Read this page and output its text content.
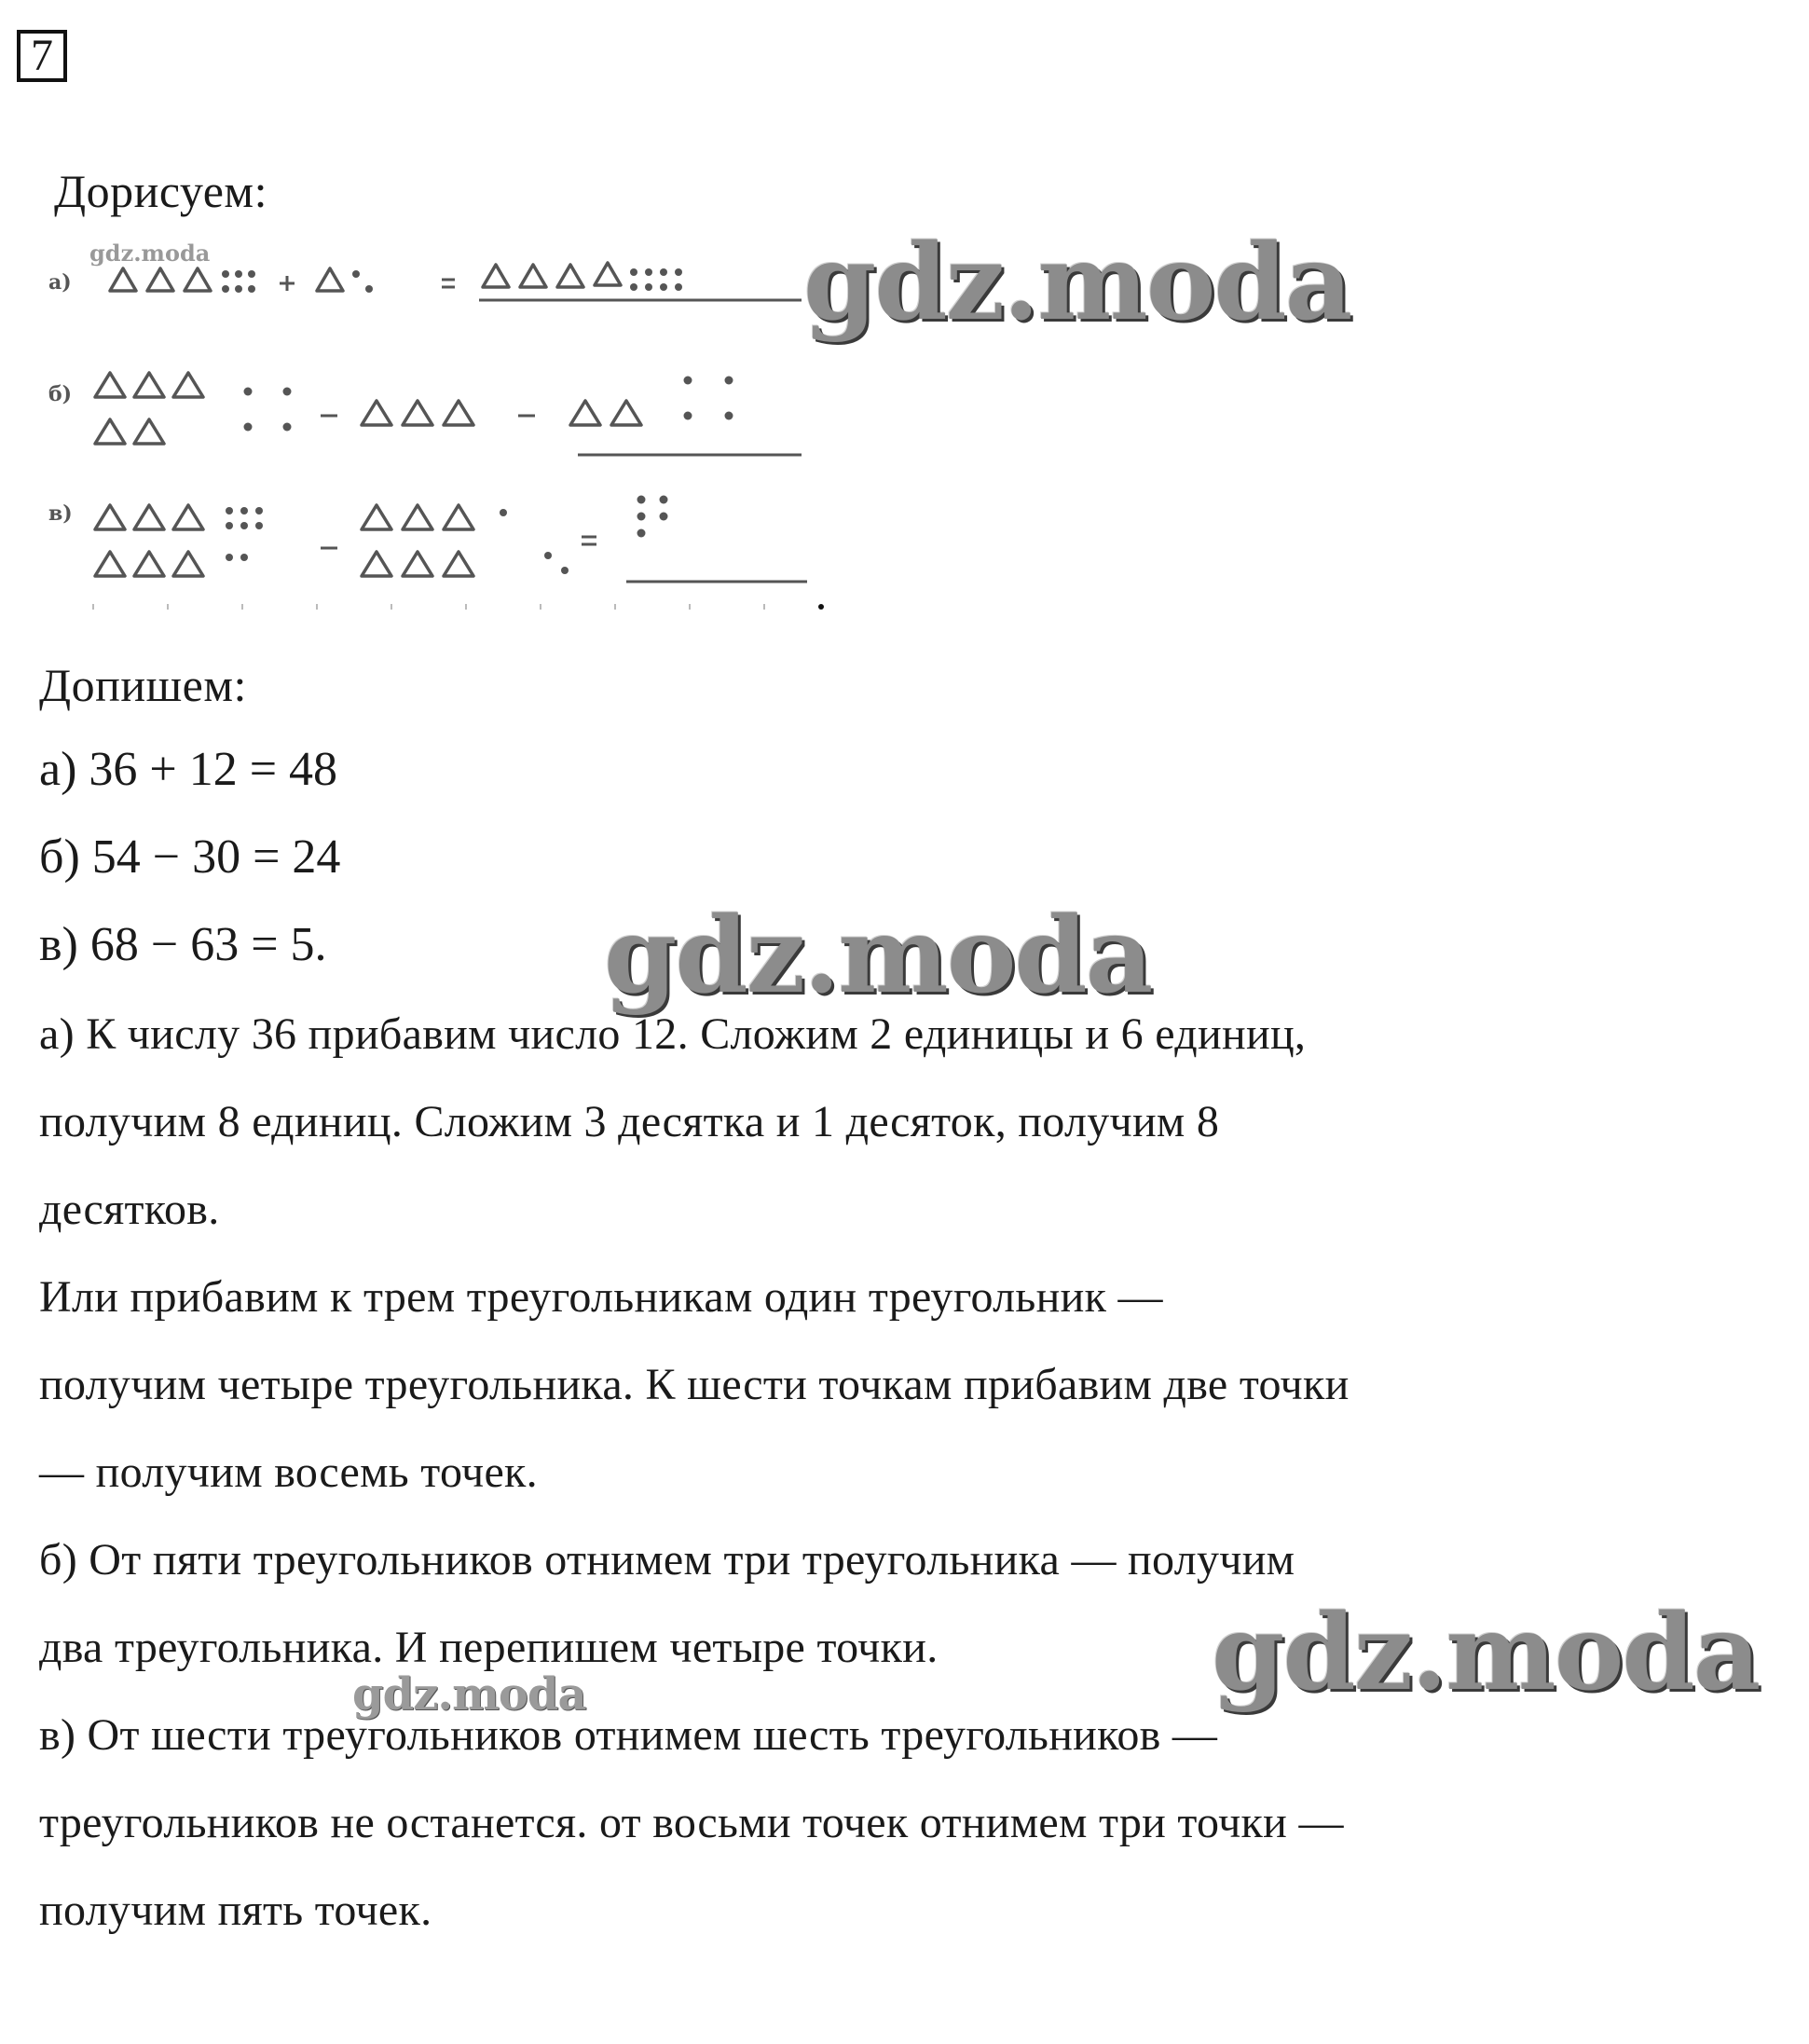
7
Дорисуем:
а)
б)
в)
gdz.moda	gdz.moda
Допишем:
а) 36 + 12 = 48
б) 54 − 30 = 24
в) 68 − 63 = 5.	gdz.moda
а) К числу 36 прибавим число 12. Сложим 2 единицы и 6 единиц,
получим 8 единиц. Сложим 3 десятка и 1 десяток, получим 8
десятков.
Или прибавим к трем треугольникам один треугольник —
получим четыре треугольника. К шести точкам прибавим две точки
— получим восемь точек.
б) От пяти треугольников отнимем три треугольника — получим
два треугольника. И перепишем четыре точки.
в) От шести треугольников отнимем шесть треугольников —
треугольников не останется. от восьми точек отнимем три точки —
получим пять точек.
gdz.moda
gdz.moda
